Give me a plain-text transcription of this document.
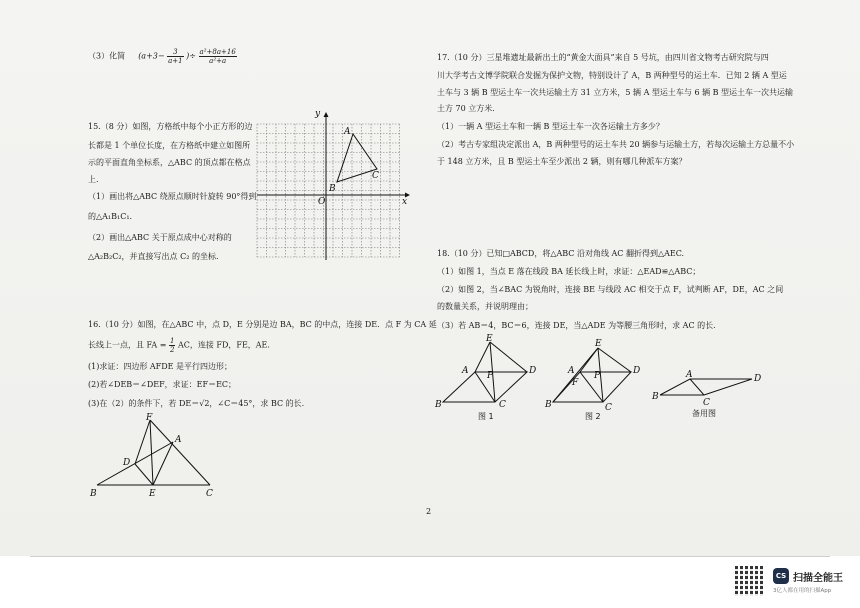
（3）化简 ($a+3- \frac{3}{a+1}$ )÷ $\frac{\text{a²+8a+16}}{\text{a²+a}}$
15.（8 分）如图，方格纸中每个小正方形的边
长都是 1 个单位长度，在方格纸中建立如图所
示的平面直角坐标系，△ABC 的顶点都在格点
上.
（1）画出将△ABC 绕原点顺时针旋转 90°得到
的△A₁B₁C₁.
（2）画出△ABC 关于原点成中心对称的
△A₂B₂C₂，并直接写出点 C₂ 的坐标.
y
x
O
A
B
C
16.（10 分）如图，在△ABC 中，点 D，E 分别是边 BA，BC 的中点，连接 DE．点 F 为 CA 延
长线上一点，且 FA = $\frac{1}{2}$ AC，连接 FD，FE，AE．
(1)求证：四边形 AFDE 是平行四边形；
(2)若∠DEB＝∠DEF，求证：EF＝EC；
(3)在（2）的条件下，若 DE＝√2，∠C＝45°，求 BC 的长.
F
A
D
B	E	C
17.（10 分）三星堆遗址最新出土的“黄金大面具”来自 5 号坑，由四川省文物考古研究院与四
川大学考古文博学院联合发掘为保护文物，特别设计了 A，B 两种型号的运土车．已知 2 辆 A 型运
土车与 3 辆 B 型运土车一次共运输土方 31 立方米，5 辆 A 型运土车与 6 辆 B 型运土车一次共运输
土方 70 立方米．
（1）一辆 A 型运土车和一辆 B 型运土车一次各运输土方多少？
（2）考古专家组决定派出 A，B 两种型号的运土车共 20 辆参与运输土方，若每次运输土方总量不小
于 148 立方米，且 B 型运土车至少派出 2 辆，则有哪几种派车方案？
18.（10 分）已知□ABCD，将△ABC 沿对角线 AC 翻折得到△AEC.
（1）如图 1，当点 E 落在线段 BA 延长线上时，求证：△EAD≌△ABC；
（2）如图 2，当∠BAC 为锐角时，连接 BE 与线段 AC 相交于点 F，试判断 AF，DE，AC 之间
的数量关系，并说明理由；
（3）若 AB＝4，BC＝6，连接 DE，当△ADE 为等腰三角形时，求 AC 的长.
E
A P	D
B	C
图 1
E
A
F
P	D
B	C
图 2
A	D
B
C
备用图
2
CS 扫描全能王
3亿人都在用的扫描App
